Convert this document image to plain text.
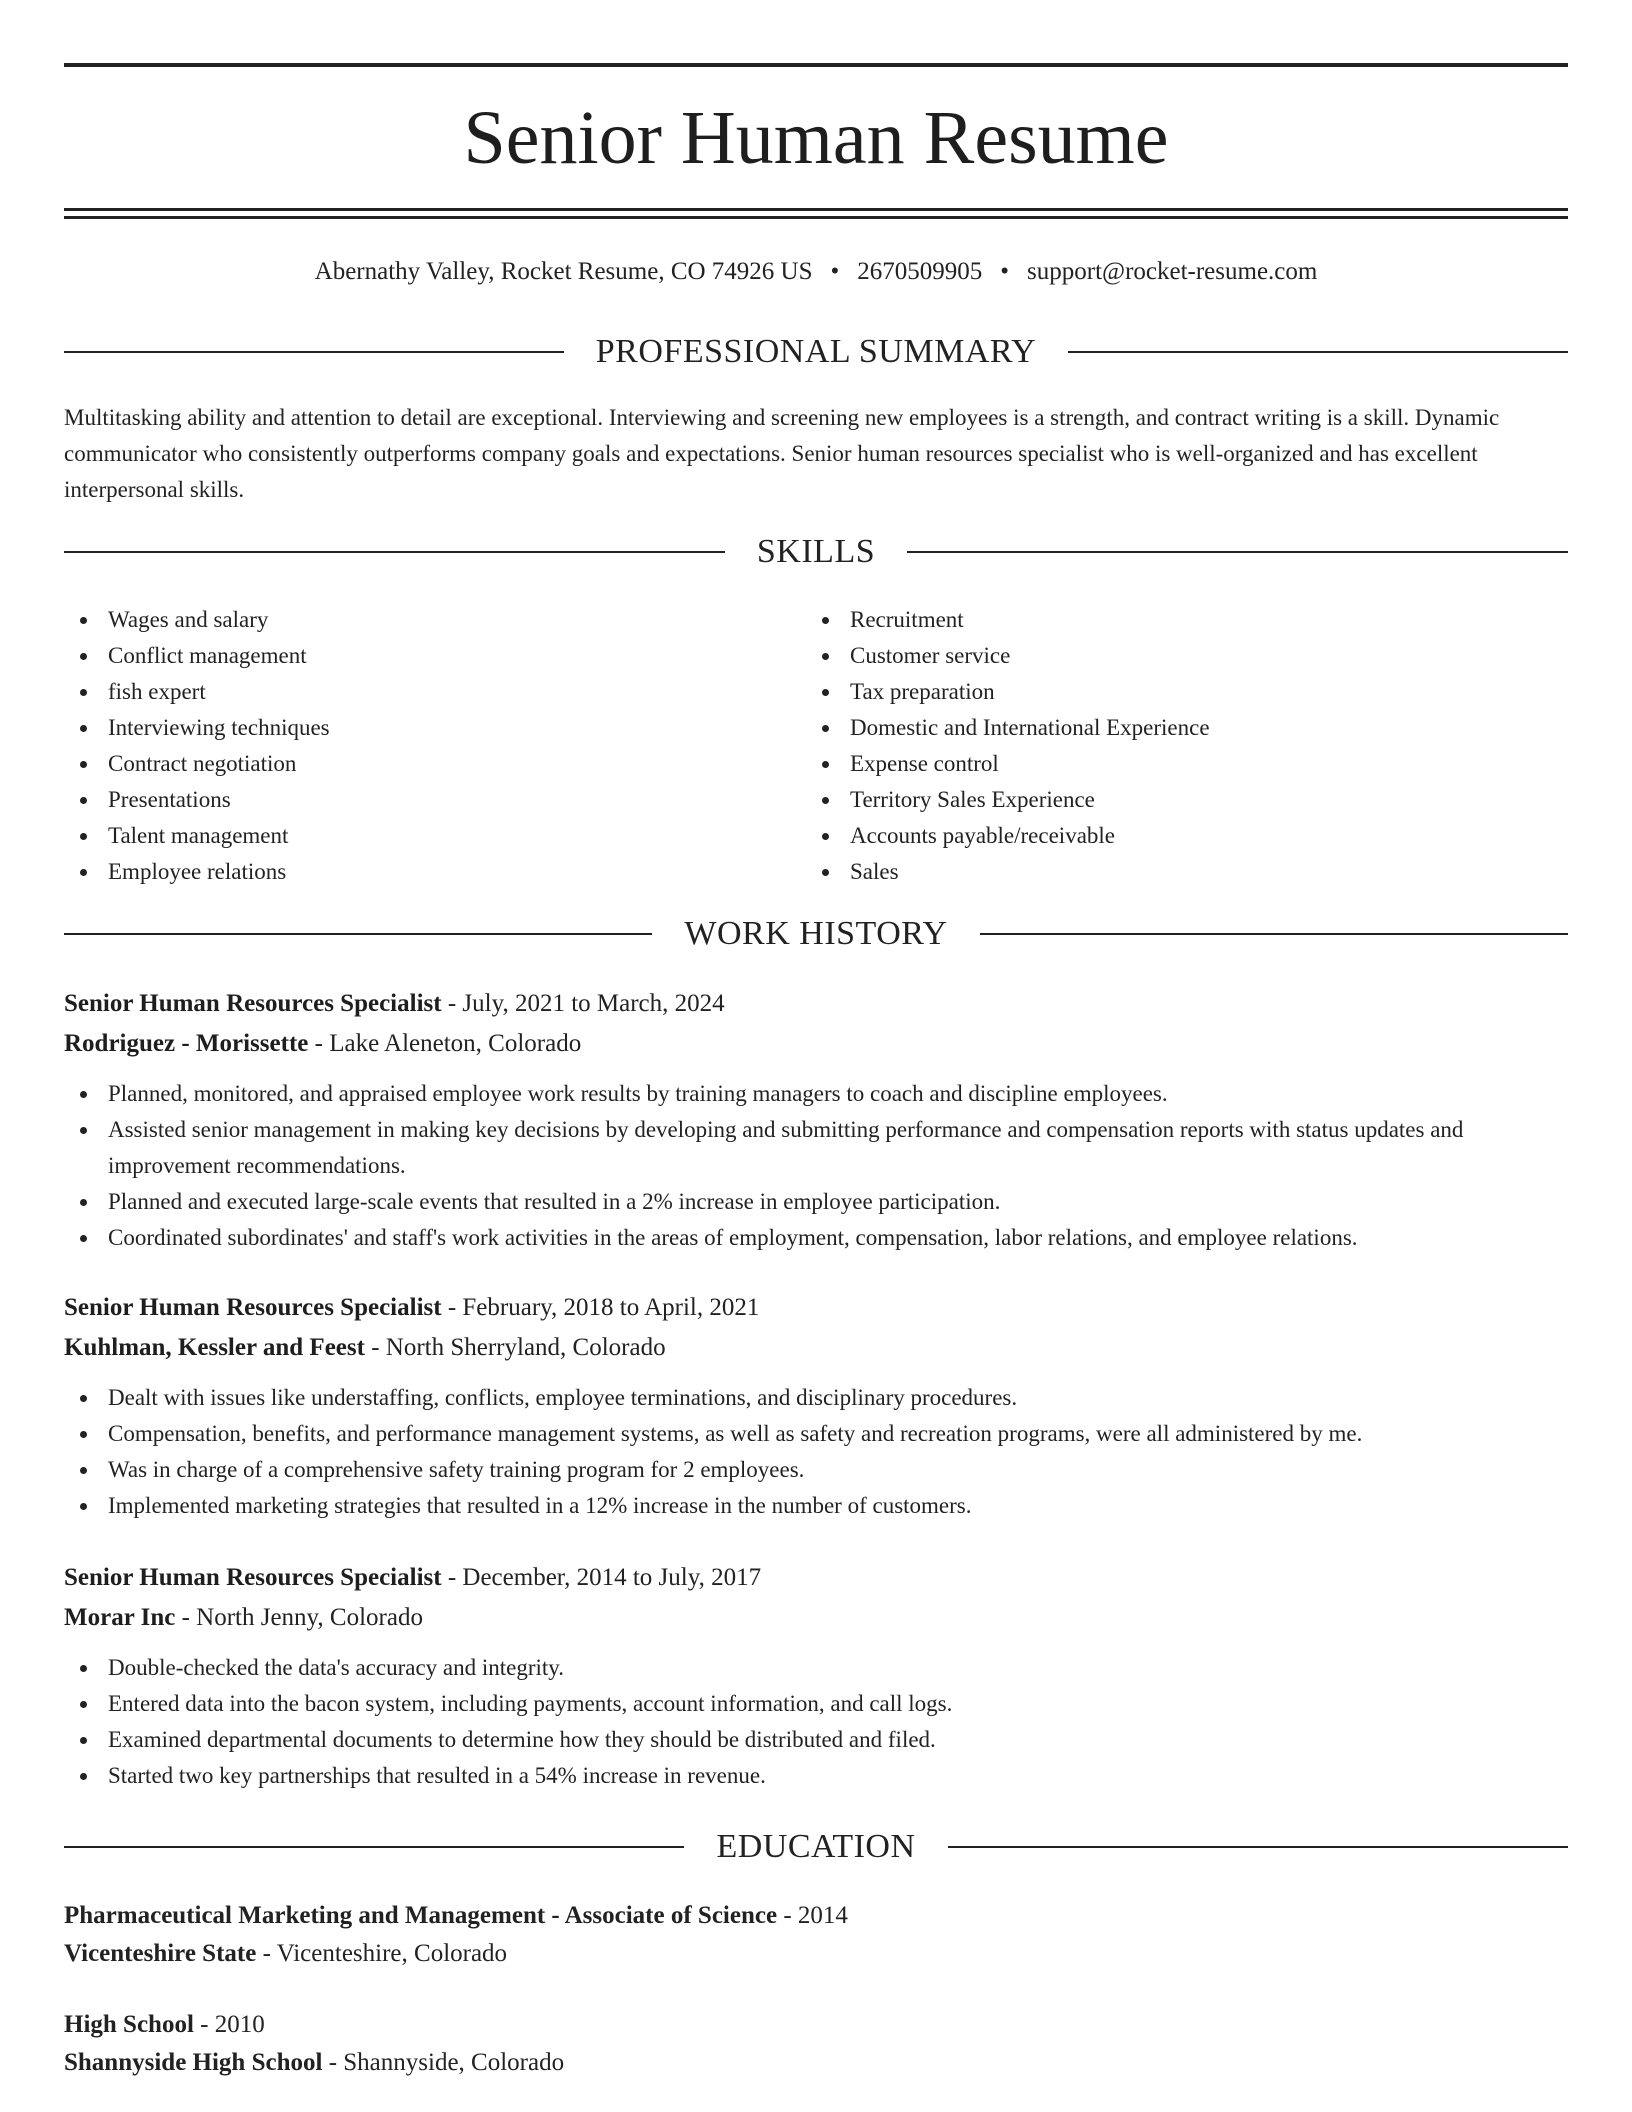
Senior Human Resume
Abernathy Valley, Rocket Resume, CO 74926 US • 2670509905 • support@rocket-resume.com
PROFESSIONAL SUMMARY
Multitasking ability and attention to detail are exceptional. Interviewing and screening new employees is a strength, and contract writing is a skill. Dynamic communicator who consistently outperforms company goals and expectations. Senior human resources specialist who is well-organized and has excellent interpersonal skills.
SKILLS
Wages and salary
Conflict management
fish expert
Interviewing techniques
Contract negotiation
Presentations
Talent management
Employee relations
Recruitment
Customer service
Tax preparation
Domestic and International Experience
Expense control
Territory Sales Experience
Accounts payable/receivable
Sales
WORK HISTORY
Senior Human Resources Specialist - July, 2021 to March, 2024
Rodriguez - Morissette - Lake Aleneton, Colorado
Planned, monitored, and appraised employee work results by training managers to coach and discipline employees.
Assisted senior management in making key decisions by developing and submitting performance and compensation reports with status updates and improvement recommendations.
Planned and executed large-scale events that resulted in a 2% increase in employee participation.
Coordinated subordinates' and staff's work activities in the areas of employment, compensation, labor relations, and employee relations.
Senior Human Resources Specialist - February, 2018 to April, 2021
Kuhlman, Kessler and Feest - North Sherryland, Colorado
Dealt with issues like understaffing, conflicts, employee terminations, and disciplinary procedures.
Compensation, benefits, and performance management systems, as well as safety and recreation programs, were all administered by me.
Was in charge of a comprehensive safety training program for 2 employees.
Implemented marketing strategies that resulted in a 12% increase in the number of customers.
Senior Human Resources Specialist - December, 2014 to July, 2017
Morar Inc - North Jenny, Colorado
Double-checked the data's accuracy and integrity.
Entered data into the bacon system, including payments, account information, and call logs.
Examined departmental documents to determine how they should be distributed and filed.
Started two key partnerships that resulted in a 54% increase in revenue.
EDUCATION
Pharmaceutical Marketing and Management - Associate of Science - 2014
Vicenteshire State - Vicenteshire, Colorado
High School - 2010
Shannyside High School - Shannyside, Colorado
